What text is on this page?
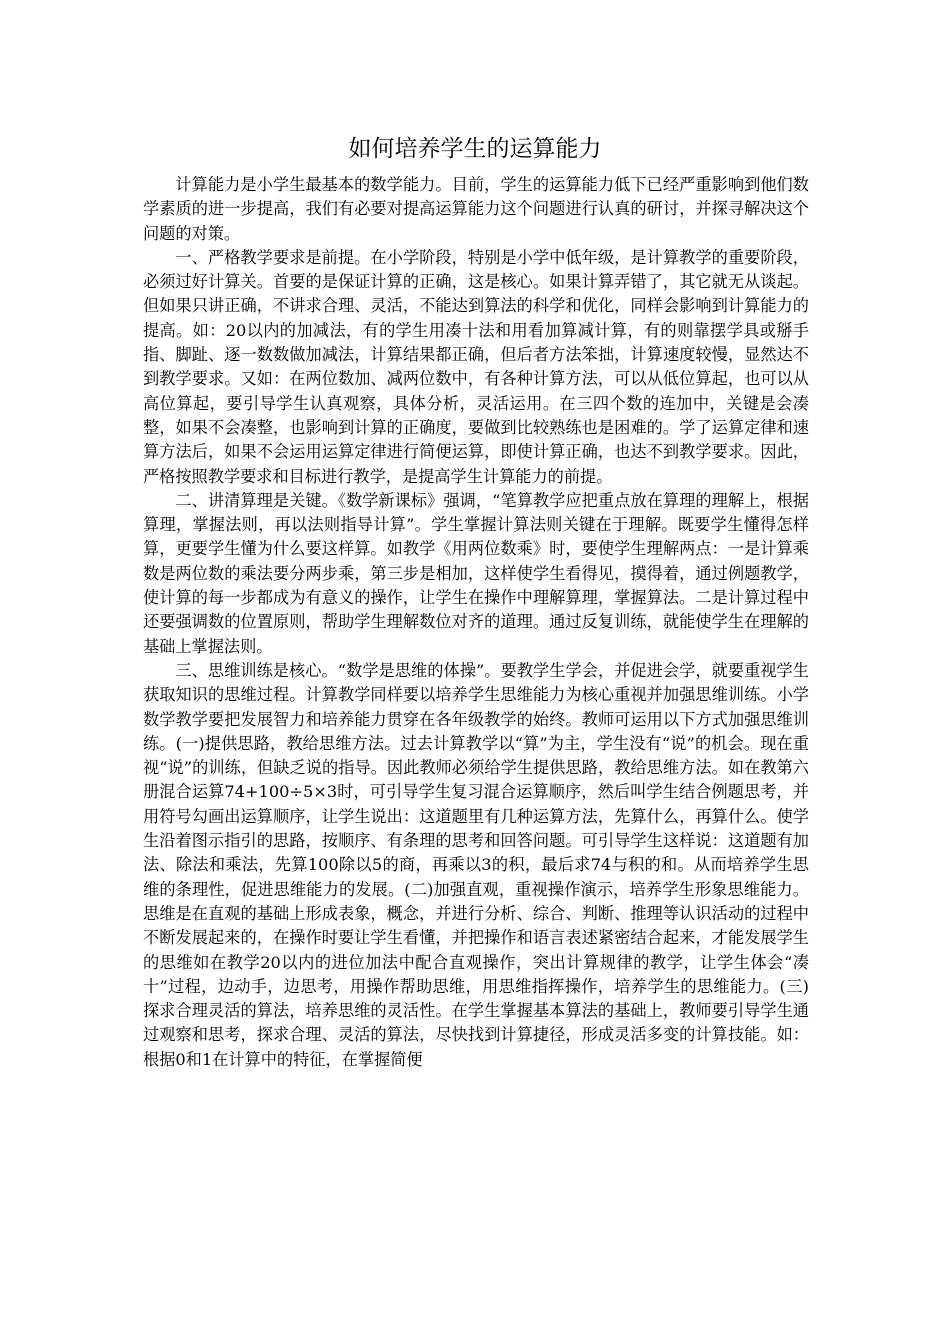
如何培养学生的运算能力

计算能力是小学生最基本的数学能力。目前，学生的运算能力低下已经严重影响到他们数学素质的进一步提高，我们有必要对提高运算能力这个问题进行认真的研讨，并探寻解决这个问题的对策。

一、严格教学要求是前提。在小学阶段，特别是小学中低年级，是计算教学的重要阶段，必须过好计算关。首要的是保证计算的正确，这是核心。如果计算弄错了，其它就无从谈起。但如果只讲正确，不讲求合理、灵活，不能达到算法的科学和优化，同样会影响到计算能力的提高。如：20以内的加减法，有的学生用凑十法和用看加算减计算，有的则靠摆学具或掰手指、脚趾、逐一数数做加减法，计算结果都正确，但后者方法笨拙，计算速度较慢，显然达不到教学要求。又如：在两位数加、减两位数中，有各种计算方法，可以从低位算起，也可以从高位算起，要引导学生认真观察，具体分析，灵活运用。在三四个数的连加中，关键是会凑整，如果不会凑整，也影响到计算的正确度，要做到比较熟练也是困难的。学了运算定律和速算方法后，如果不会运用运算定律进行简便运算，即使计算正确，也达不到教学要求。因此，严格按照教学要求和目标进行教学，是提高学生计算能力的前提。

二、讲清算理是关键。《数学新课标》强调，“笔算教学应把重点放在算理的理解上，根据算理，掌握法则，再以法则指导计算”。学生掌握计算法则关键在于理解。既要学生懂得怎样算，更要学生懂为什么要这样算。如教学《用两位数乘》时，要使学生理解两点：一是计算乘数是两位数的乘法要分两步乘，第三步是相加，这样使学生看得见，摸得着，通过例题教学，使计算的每一步都成为有意义的操作，让学生在操作中理解算理，掌握算法。二是计算过程中还要强调数的位置原则，帮助学生理解数位对齐的道理。通过反复训练，就能使学生在理解的基础上掌握法则。

三、思维训练是核心。“数学是思维的体操”。要教学生学会，并促进会学，就要重视学生获取知识的思维过程。计算教学同样要以培养学生思维能力为核心重视并加强思维训练。小学数学教学要把发展智力和培养能力贯穿在各年级教学的始终。教师可运用以下方式加强思维训练。(一)提供思路，教给思维方法。过去计算教学以“算”为主，学生没有“说”的机会。现在重视“说”的训练，但缺乏说的指导。因此教师必须给学生提供思路，教给思维方法。如在教第六册混合运算74+100÷5×3时，可引导学生复习混合运算顺序，然后叫学生结合例题思考，并用符号勾画出运算顺序，让学生说出：这道题里有几种运算方法，先算什么，再算什么。使学生沿着图示指引的思路，按顺序、有条理的思考和回答问题。可引导学生这样说：这道题有加法、除法和乘法，先算100除以5的商，再乘以3的积，最后求74与积的和。从而培养学生思维的条理性，促进思维能力的发展。(二)加强直观，重视操作演示，培养学生形象思维能力。思维是在直观的基础上形成表象，概念，并进行分析、综合、判断、推理等认识活动的过程中不断发展起来的，在操作时要让学生看懂，并把操作和语言表述紧密结合起来，才能发展学生的思维如在教学20以内的进位加法中配合直观操作，突出计算规律的教学，让学生体会“凑十”过程，边动手，边思考，用操作帮助思维，用思维指挥操作，培养学生的思维能力。(三)探求合理灵活的算法，培养思维的灵活性。在学生掌握基本算法的基础上，教师要引导学生通过观察和思考，探求合理、灵活的算法，尽快找到计算捷径，形成灵活多变的计算技能。如：根据0和1在计算中的特征，在掌握简便
